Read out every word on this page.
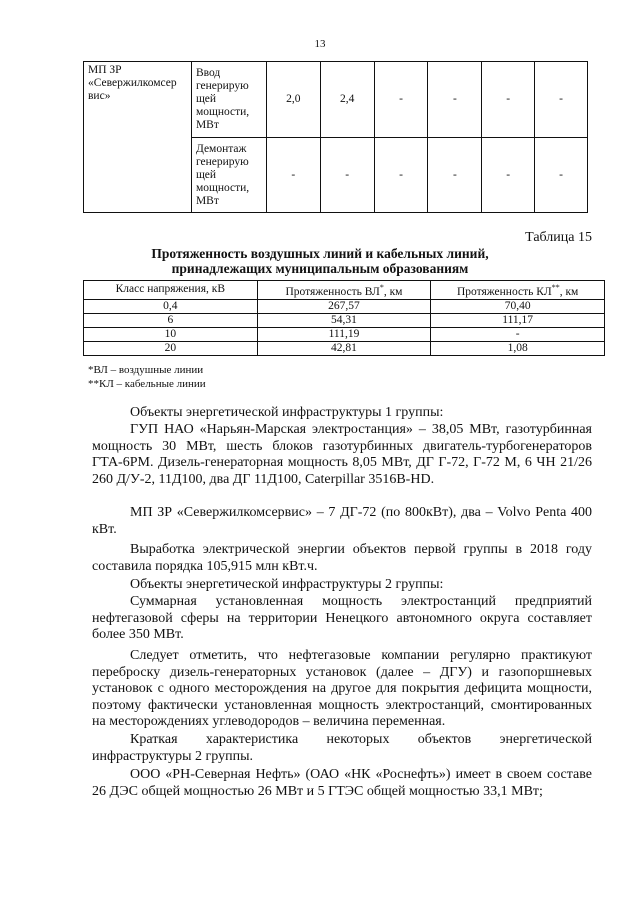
13
МП ЗР «Севержилкомсер вис»	Ввод генерирую щей мощности, МВт	2,0	2,4	-	-	-	-
	Демонтаж генерирую щей мощности, МВт	-	-	-	-	-	-
Таблица 15
Протяженность воздушных линий и кабельных линий,
принадлежащих муниципальным образованиям
Класс напряжения, кВ	Протяженность ВЛ*, км	Протяженность КЛ**, км
0,4	267,57	70,40
6	54,31	111,17
10	111,19	-
20	42,81	1,08
*ВЛ – воздушные линии
**КЛ – кабельные линии

Объекты энергетической инфраструктуры 1 группы:

ГУП НАО «Нарьян-Марская электростанция» – 38,05 МВт, газотурбинная мощность 30 МВт, шесть блоков газотурбинных двигатель-турбогенераторов ГТА-6РМ. Дизель-генераторная мощность 8,05 МВт, ДГ Г-72, Г-72 М, 6 ЧН 21/26 260 Д/У-2, 11Д100, два ДГ 11Д100, Caterpillar 3516B-HD.

МП ЗР «Севержилкомсервис» – 7 ДГ-72 (по 800кВт), два – Volvo Penta 400 кВт.

Выработка электрической энергии объектов первой группы в 2018 году составила порядка 105,915 млн кВт.ч.

Объекты энергетической инфраструктуры 2 группы:

Суммарная установленная мощность электростанций предприятий нефтегазовой сферы на территории Ненецкого автономного округа составляет более 350 МВт.

Следует отметить, что нефтегазовые компании регулярно практикуют переброску дизель-генераторных установок (далее – ДГУ) и газопоршневых установок с одного месторождения на другое для покрытия дефицита мощности, поэтому фактически установленная мощность электростанций, смонтированных на месторождениях углеводородов – величина переменная.

Краткая характеристика некоторых объектов энергетической инфраструктуры 2 группы.

ООО «РН-Северная Нефть» (ОАО «НК «Роснефть») имеет в своем составе 26 ДЭС общей мощностью 26 МВт и 5 ГТЭС общей мощностью 33,1 МВт;
